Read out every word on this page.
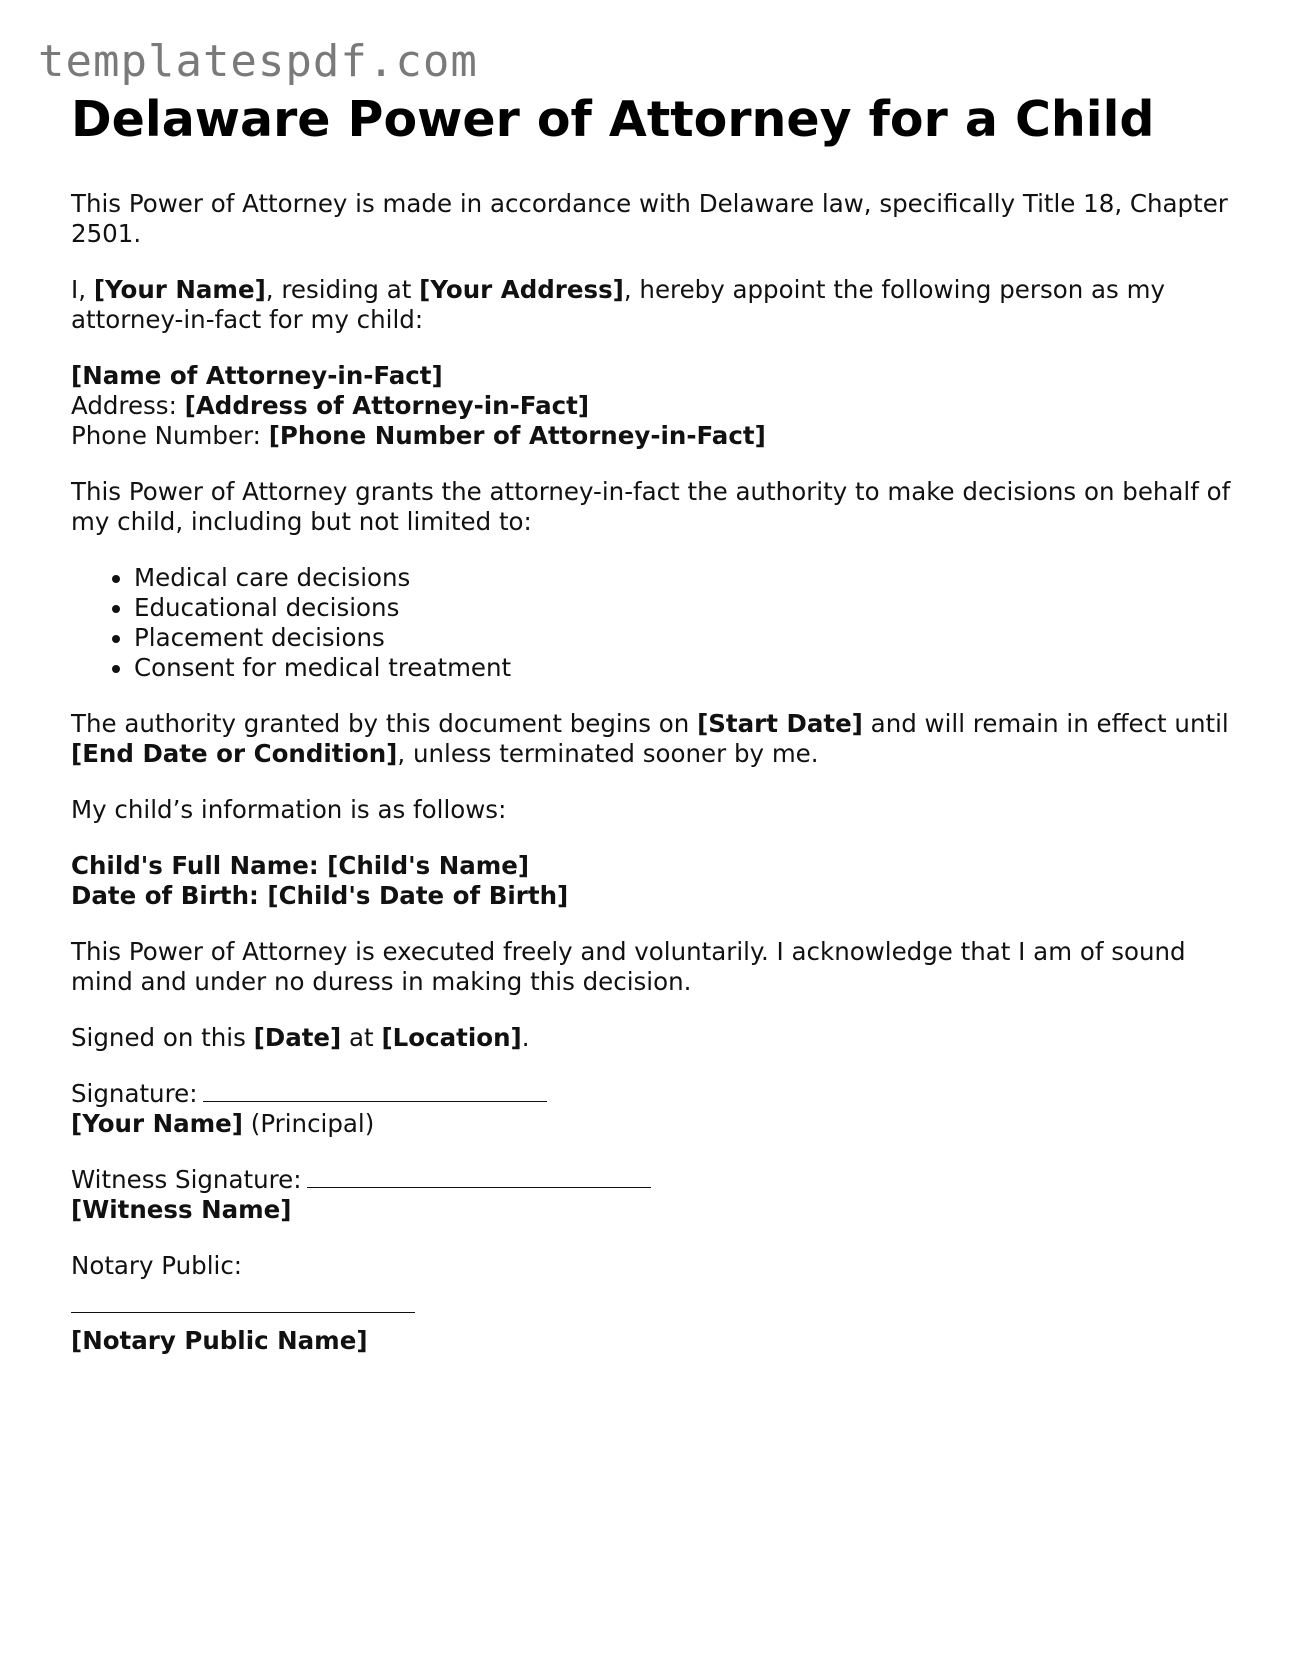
templatespdf.com
Delaware Power of Attorney for a Child

This Power of Attorney is made in accordance with Delaware law, specifically Title 18, Chapter 2501.

I, [Your Name], residing at [Your Address], hereby appoint the following person as my attorney-in-fact for my child:

[Name of Attorney-in-Fact]
Address: [Address of Attorney-in-Fact]
Phone Number: [Phone Number of Attorney-in-Fact]

This Power of Attorney grants the attorney-in-fact the authority to make decisions on behalf of my child, including but not limited to:

• Medical care decisions
• Educational decisions
• Placement decisions
• Consent for medical treatment

The authority granted by this document begins on [Start Date] and will remain in effect until [End Date or Condition], unless terminated sooner by me.

My child’s information is as follows:

Child's Full Name: [Child's Name]
Date of Birth: [Child's Date of Birth]

This Power of Attorney is executed freely and voluntarily. I acknowledge that I am of sound mind and under no duress in making this decision.

Signed on this [Date] at [Location].

Signature:
[Your Name] (Principal)

Witness Signature:
[Witness Name]

Notary Public:

[Notary Public Name]
